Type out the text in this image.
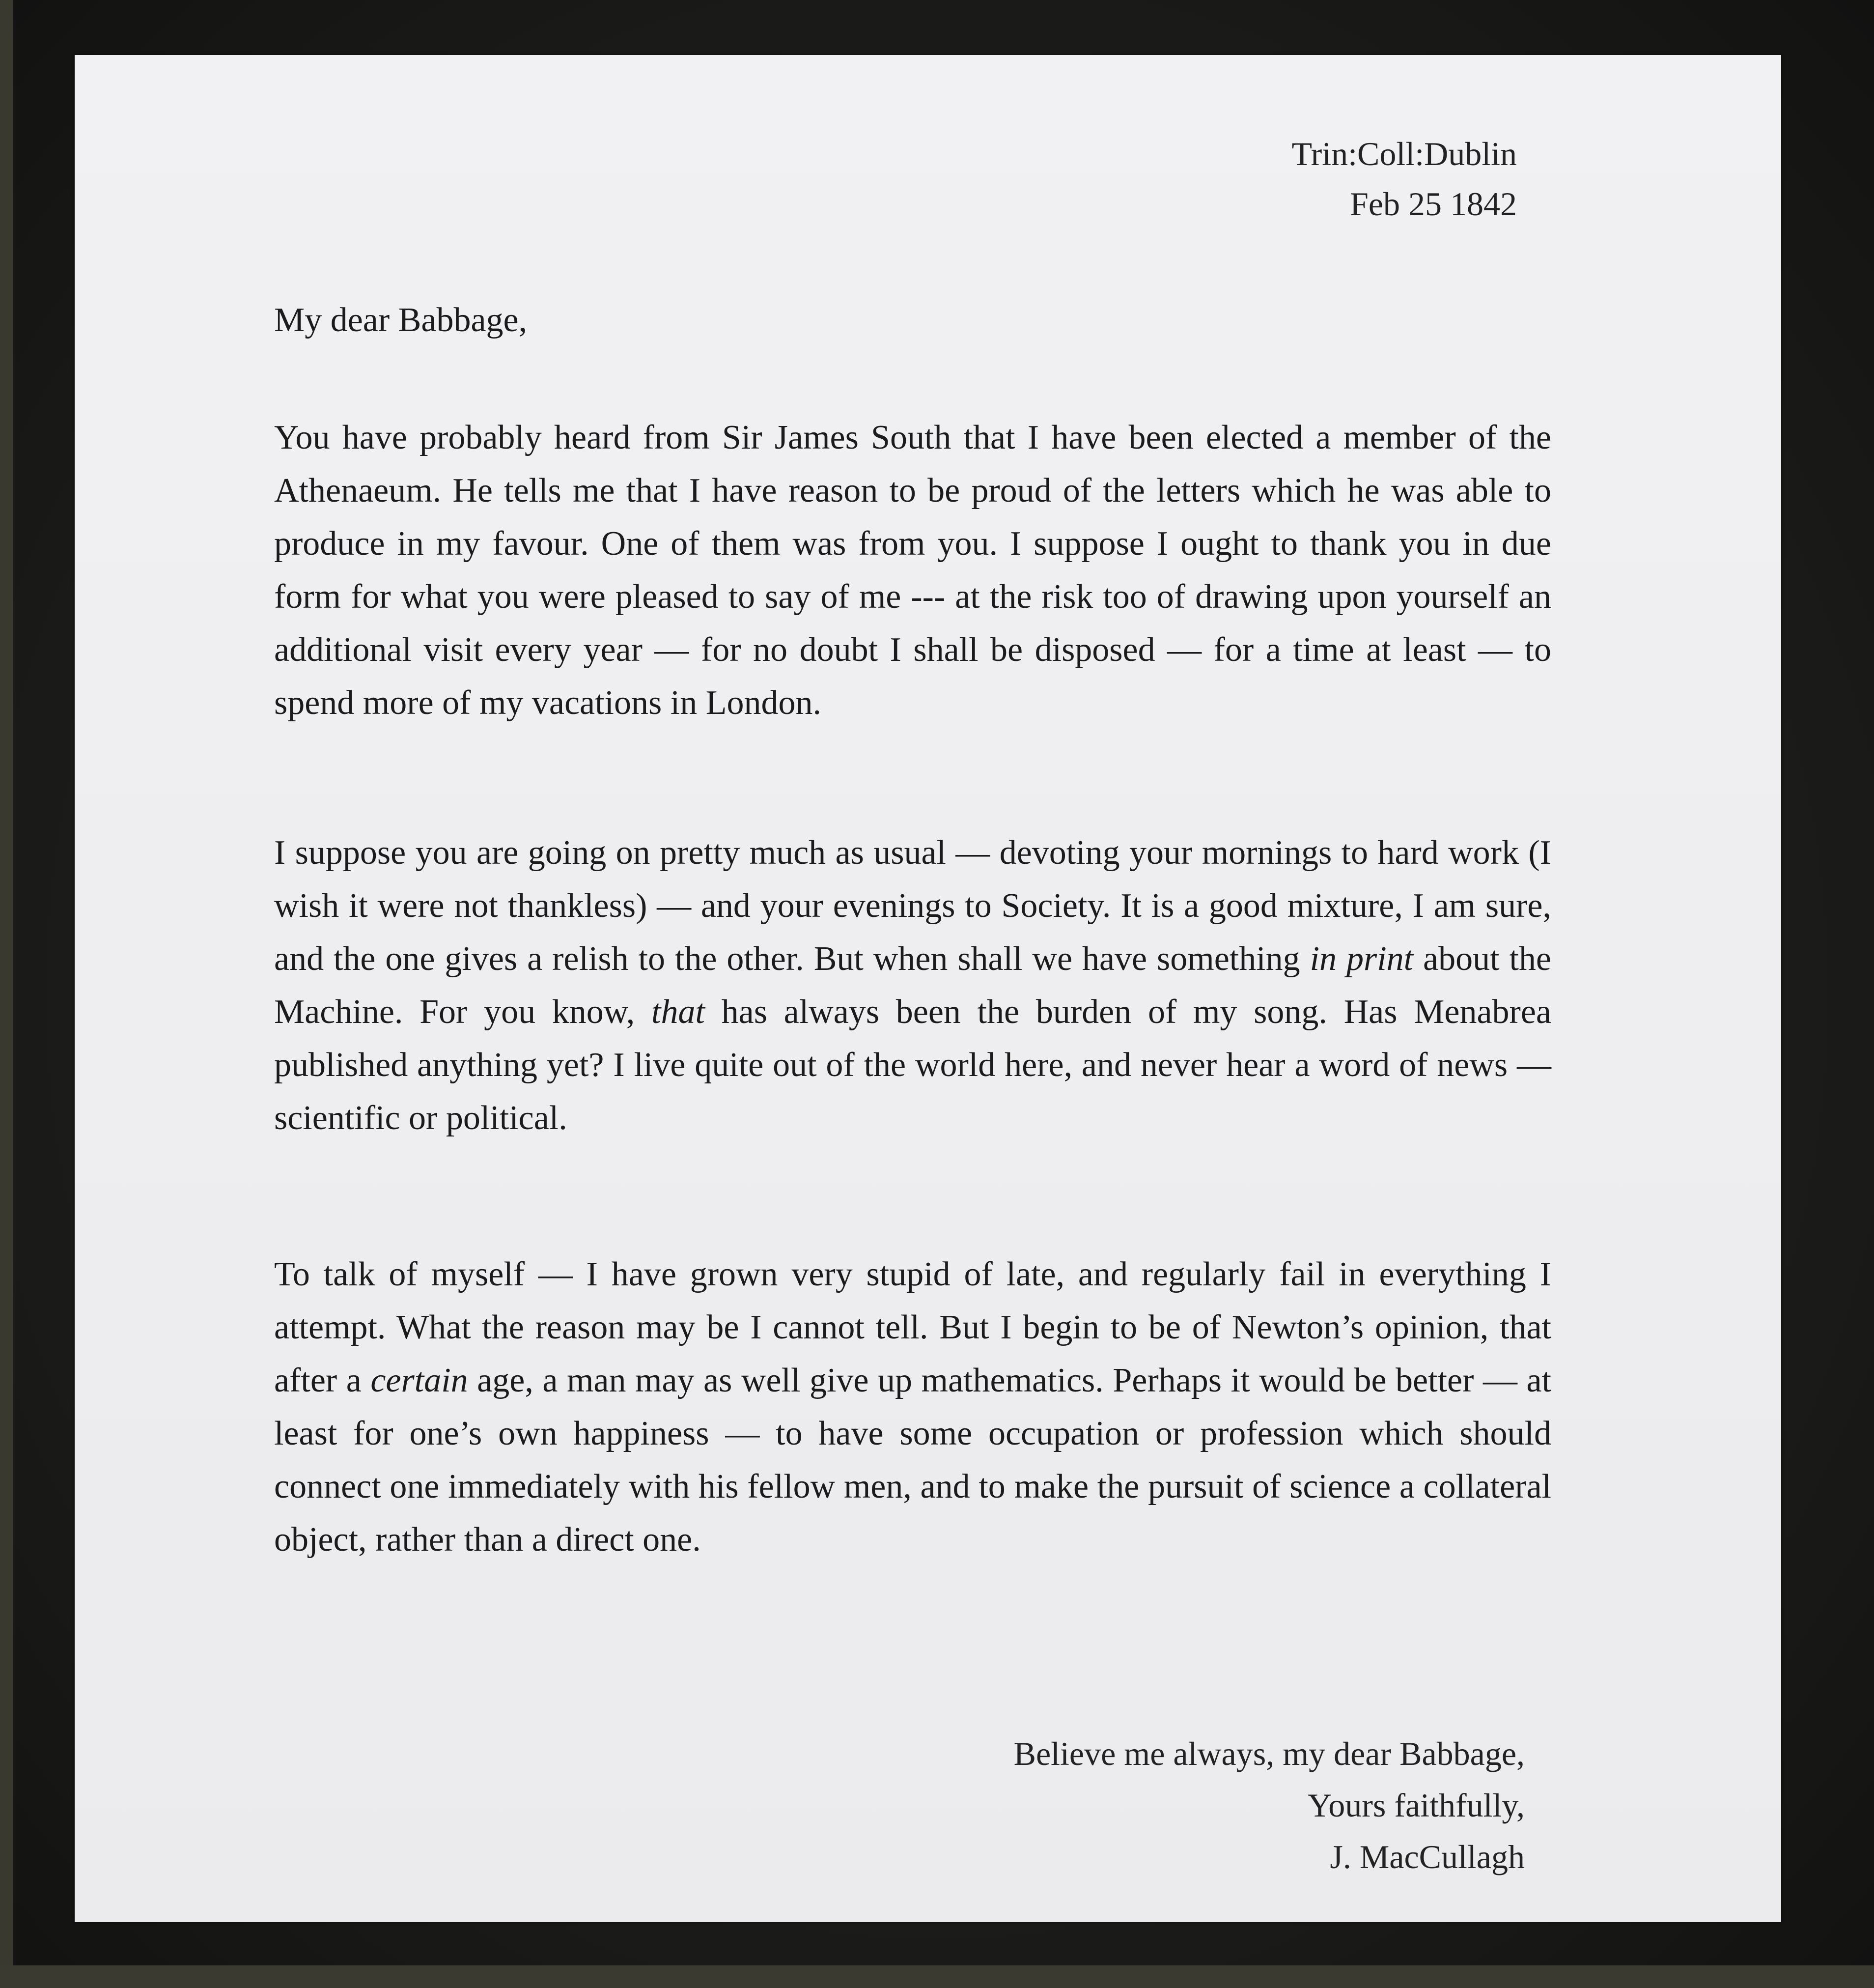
Trin:Coll:Dublin
Feb 25 1842
My dear Babbage,

You have probably heard from Sir James South that I have been elected a member of the Athenaeum. He tells me that I have reason to be proud of the letters which he was able to produce in my favour. One of them was from you. I suppose I ought to thank you in due form for what you were pleased to say of me --- at the risk too of drawing upon yourself an additional visit every year — for no doubt I shall be disposed — for a time at least — to spend more of my vacations in London.

I suppose you are going on pretty much as usual — devoting your mornings to hard work (I wish it were not thankless) — and your evenings to Society. It is a good mixture, I am sure, and the one gives a relish to the other. But when shall we have something in print about the Machine. For you know, that has always been the burden of my song. Has Menabrea published anything yet? I live quite out of the world here, and never hear a word of news — scientific or political.

To talk of myself — I have grown very stupid of late, and regularly fail in everything I attempt. What the reason may be I cannot tell. But I begin to be of Newton’s opinion, that after a certain age, a man may as well give up mathematics. Perhaps it would be better — at least for one’s own happiness — to have some occupation or profession which should connect one immediately with his fellow men, and to make the pursuit of science a collateral object, rather than a direct one.

Believe me always, my dear Babbage,
Yours faithfully,
J. MacCullagh
